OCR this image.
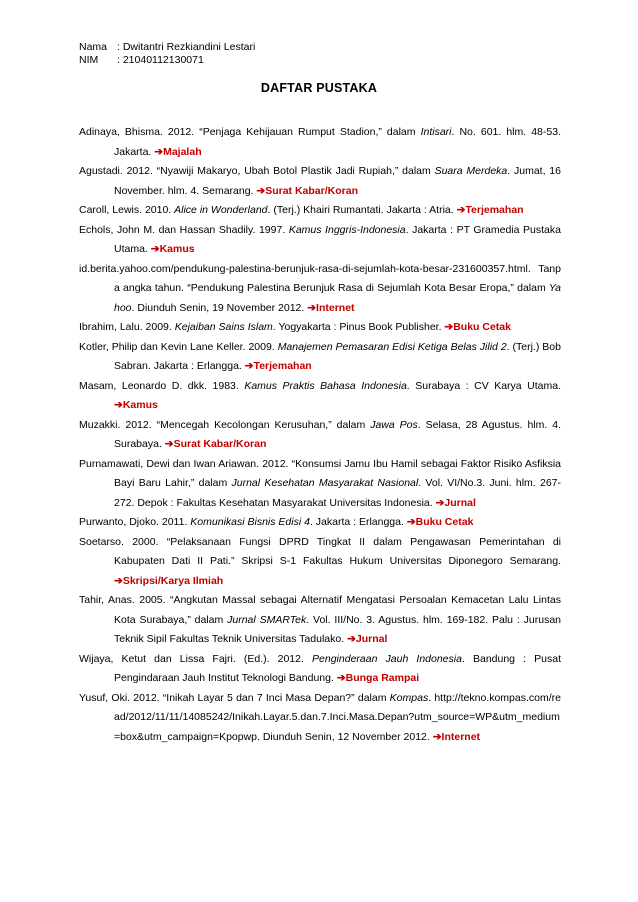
Nama : Dwitantri Rezkiandini Lestari
NIM : 21040112130071
DAFTAR PUSTAKA

Adinaya, Bhisma. 2012. “Penjaga Kehijauan Rumput Stadion,” dalam Intisari. No. 601. hlm. 48-53. Jakarta. ➔Majalah

Agustadi. 2012. “Nyawiji Makaryo, Ubah Botol Plastik Jadi Rupiah,” dalam Suara Merdeka. Jumat, 16 November. hlm. 4. Semarang. ➔Surat Kabar/Koran

Caroll, Lewis. 2010. Alice in Wonderland. (Terj.) Khairi Rumantati. Jakarta : Atria. ➔Terjemahan

Echols, John M. dan Hassan Shadily. 1997. Kamus Inggris-Indonesia. Jakarta : PT Gramedia Pustaka Utama. ➔Kamus

id.berita.yahoo.com/pendukung-palestina-berunjuk-rasa-di-sejumlah-kota-besar-231600357.html. Tanpa angka tahun. “Pendukung Palestina Berunjuk Rasa di Sejumlah Kota Besar Eropa,” dalam Yahoo. Diunduh Senin, 19 November 2012. ➔Internet

Ibrahim, Lalu. 2009. Kejaiban Sains Islam. Yogyakarta : Pinus Book Publisher. ➔Buku Cetak

Kotler, Philip dan Kevin Lane Keller. 2009. Manajemen Pemasaran Edisi Ketiga Belas Jilid 2. (Terj.) Bob Sabran. Jakarta : Erlangga. ➔Terjemahan

Masam, Leonardo D. dkk. 1983. Kamus Praktis Bahasa Indonesia. Surabaya : CV Karya Utama. ➔Kamus

Muzakki. 2012. “Mencegah Kecolongan Kerusuhan,” dalam Jawa Pos. Selasa, 28 Agustus. hlm. 4. Surabaya. ➔Surat Kabar/Koran

Purnamawati, Dewi dan Iwan Ariawan. 2012. “Konsumsi Jamu Ibu Hamil sebagai Faktor Risiko Asfiksia Bayi Baru Lahir,” dalam Jurnal Kesehatan Masyarakat Nasional. Vol. VI/No.3. Juni. hlm. 267-272. Depok : Fakultas Kesehatan Masyarakat Universitas Indonesia. ➔Jurnal

Purwanto, Djoko. 2011. Komunikasi Bisnis Edisi 4. Jakarta : Erlangga. ➔Buku Cetak

Soetarso. 2000. “Pelaksanaan Fungsi DPRD Tingkat II dalam Pengawasan Pemerintahan di Kabupaten Dati II Pati.” Skripsi S-1 Fakultas Hukum Universitas Diponegoro Semarang. ➔Skripsi/Karya Ilmiah

Tahir, Anas. 2005. “Angkutan Massal sebagai Alternatif Mengatasi Persoalan Kemacetan Lalu Lintas Kota Surabaya,” dalam Jurnal SMARTek. Vol. III/No. 3. Agustus. hlm. 169-182. Palu : Jurusan Teknik Sipil Fakultas Teknik Universitas Tadulako. ➔Jurnal

Wijaya, Ketut dan Lissa Fajri. (Ed.). 2012. Penginderaan Jauh Indonesia. Bandung : Pusat Pengindaraan Jauh Institut Teknologi Bandung. ➔Bunga Rampai

Yusuf, Oki. 2012. “Inikah Layar 5 dan 7 Inci Masa Depan?” dalam Kompas. http://tekno.kompas.com/read/2012/11/11/14085242/Inikah.Layar.5.dan.7.Inci.Masa.Depan?utm_source=WP&utm_medium=box&utm_campaign=Kpopwp. Diunduh Senin, 12 November 2012. ➔Internet
